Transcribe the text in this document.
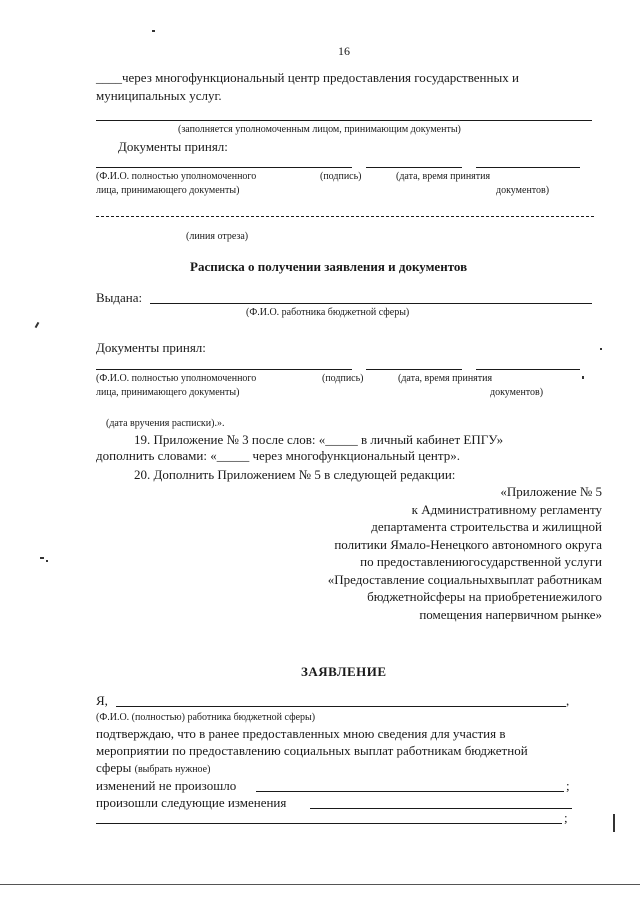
16
____через многофункциональный центр предоставления государственных и
муниципальных услуг.
(заполняется уполномоченным лицом, принимающим документы)
Документы принял:
(Ф.И.О. полностью уполномоченного
лица, принимающего документы)
(подпись)	(дата, время принятия
документов)
(линия отреза)
Расписка о получении заявления и документов
Выдана:
(Ф.И.О. работника бюджетной сферы)
Документы принял:
(Ф.И.О. полностью уполномоченного
лица, принимающего документы)
(подпись)	(дата, время принятия
документов)
(дата вручения расписки).».
19. Приложение № 3 после слов: «_____ в личный кабинет ЕПГУ»
дополнить словами: «_____ через многофункциональный центр».
20. Дополнить Приложением № 5 в следующей редакции:
«Приложение № 5
к Административному регламенту
департамента строительства и жилищной
политики Ямало-Ненецкого автономного округа
по предоставлениюгосударственной услуги
«Предоставление социальныхвыплат работникам
бюджетнойсферы на приобретениежилого
помещения напервичном рынке»
ЗАЯВЛЕНИЕ
Я,	,
(Ф.И.О. (полностью) работника бюджетной сферы)
подтверждаю, что в ранее предоставленных мною сведения для участия в
мероприятии по предоставлению социальных выплат работникам бюджетной
сферы (выбрать нужное)
изменений не произошло	;
произошли следующие изменения
;
